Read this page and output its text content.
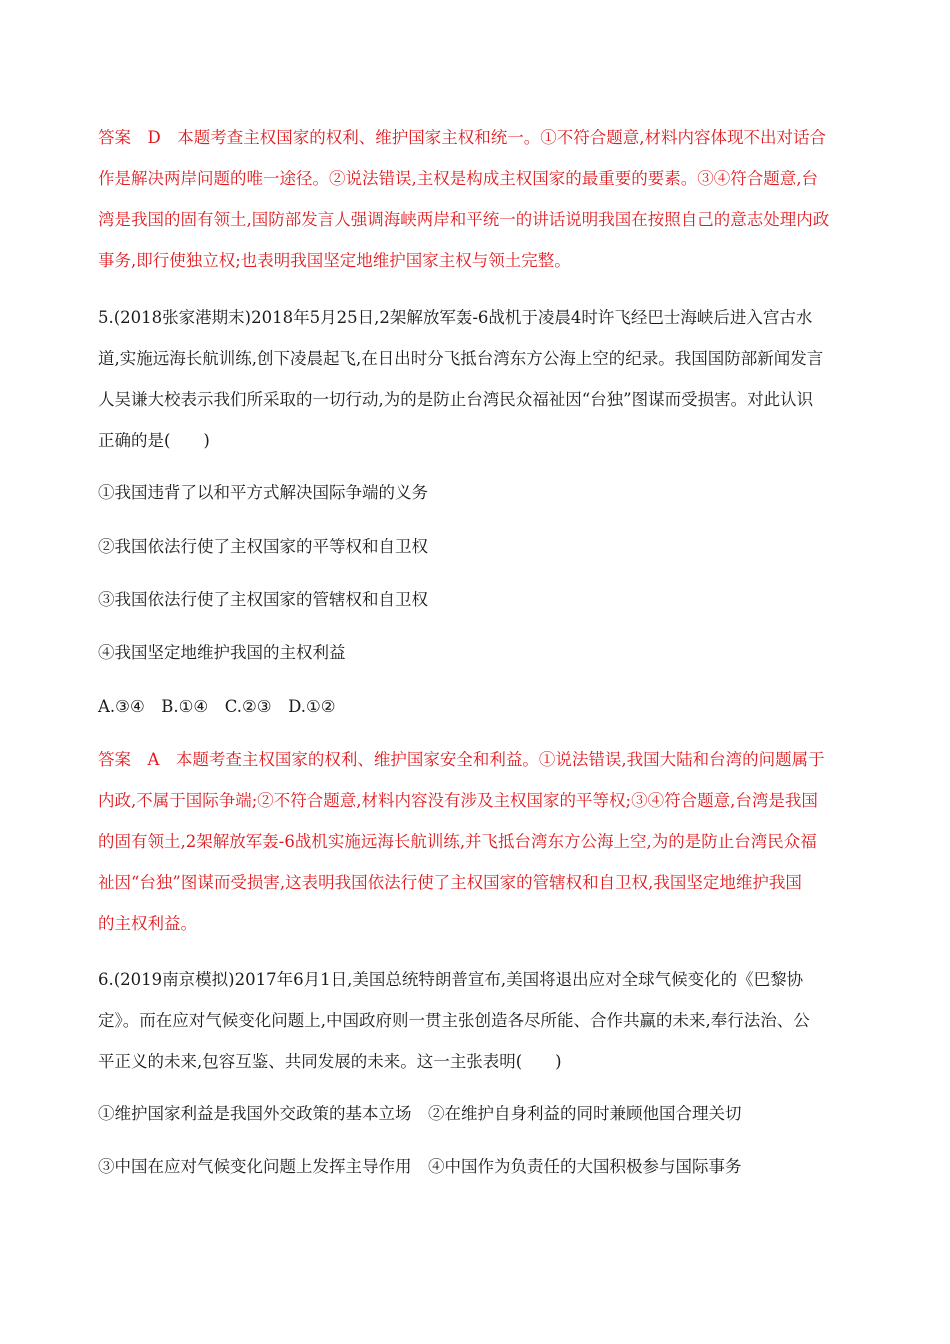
答案　D　本题考查主权国家的权利、维护国家主权和统一。①不符合题意,材料内容体现不出对话合
作是解决两岸问题的唯一途径。②说法错误,主权是构成主权国家的最重要的要素。③④符合题意,台
湾是我国的固有领土,国防部发言人强调海峡两岸和平统一的讲话说明我国在按照自己的意志处理内政
事务,即行使独立权;也表明我国坚定地维护国家主权与领土完整。
5.(2018张家港期末)2018年5月25日,2架解放军轰-6战机于凌晨4时许飞经巴士海峡后进入宫古水
道,实施远海长航训练,创下凌晨起飞,在日出时分飞抵台湾东方公海上空的纪录。我国国防部新闻发言
人吴谦大校表示我们所采取的一切行动,为的是防止台湾民众福祉因“台独”图谋而受损害。对此认识
正确的是(　　)
①我国违背了以和平方式解决国际争端的义务
②我国依法行使了主权国家的平等权和自卫权
③我国依法行使了主权国家的管辖权和自卫权
④我国坚定地维护我国的主权利益
A.③④　B.①④　C.②③　D.①②
答案　A　本题考查主权国家的权利、维护国家安全和利益。①说法错误,我国大陆和台湾的问题属于
内政,不属于国际争端;②不符合题意,材料内容没有涉及主权国家的平等权;③④符合题意,台湾是我国
的固有领土,2架解放军轰-6战机实施远海长航训练,并飞抵台湾东方公海上空,为的是防止台湾民众福
祉因“台独”图谋而受损害,这表明我国依法行使了主权国家的管辖权和自卫权,我国坚定地维护我国
的主权利益。
6.(2019南京模拟)2017年6月1日,美国总统特朗普宣布,美国将退出应对全球气候变化的《巴黎协
定》。而在应对气候变化问题上,中国政府则一贯主张创造各尽所能、合作共赢的未来,奉行法治、公
平正义的未来,包容互鉴、共同发展的未来。这一主张表明(　　)
①维护国家利益是我国外交政策的基本立场　②在维护自身利益的同时兼顾他国合理关切
③中国在应对气候变化问题上发挥主导作用　④中国作为负责任的大国积极参与国际事务
